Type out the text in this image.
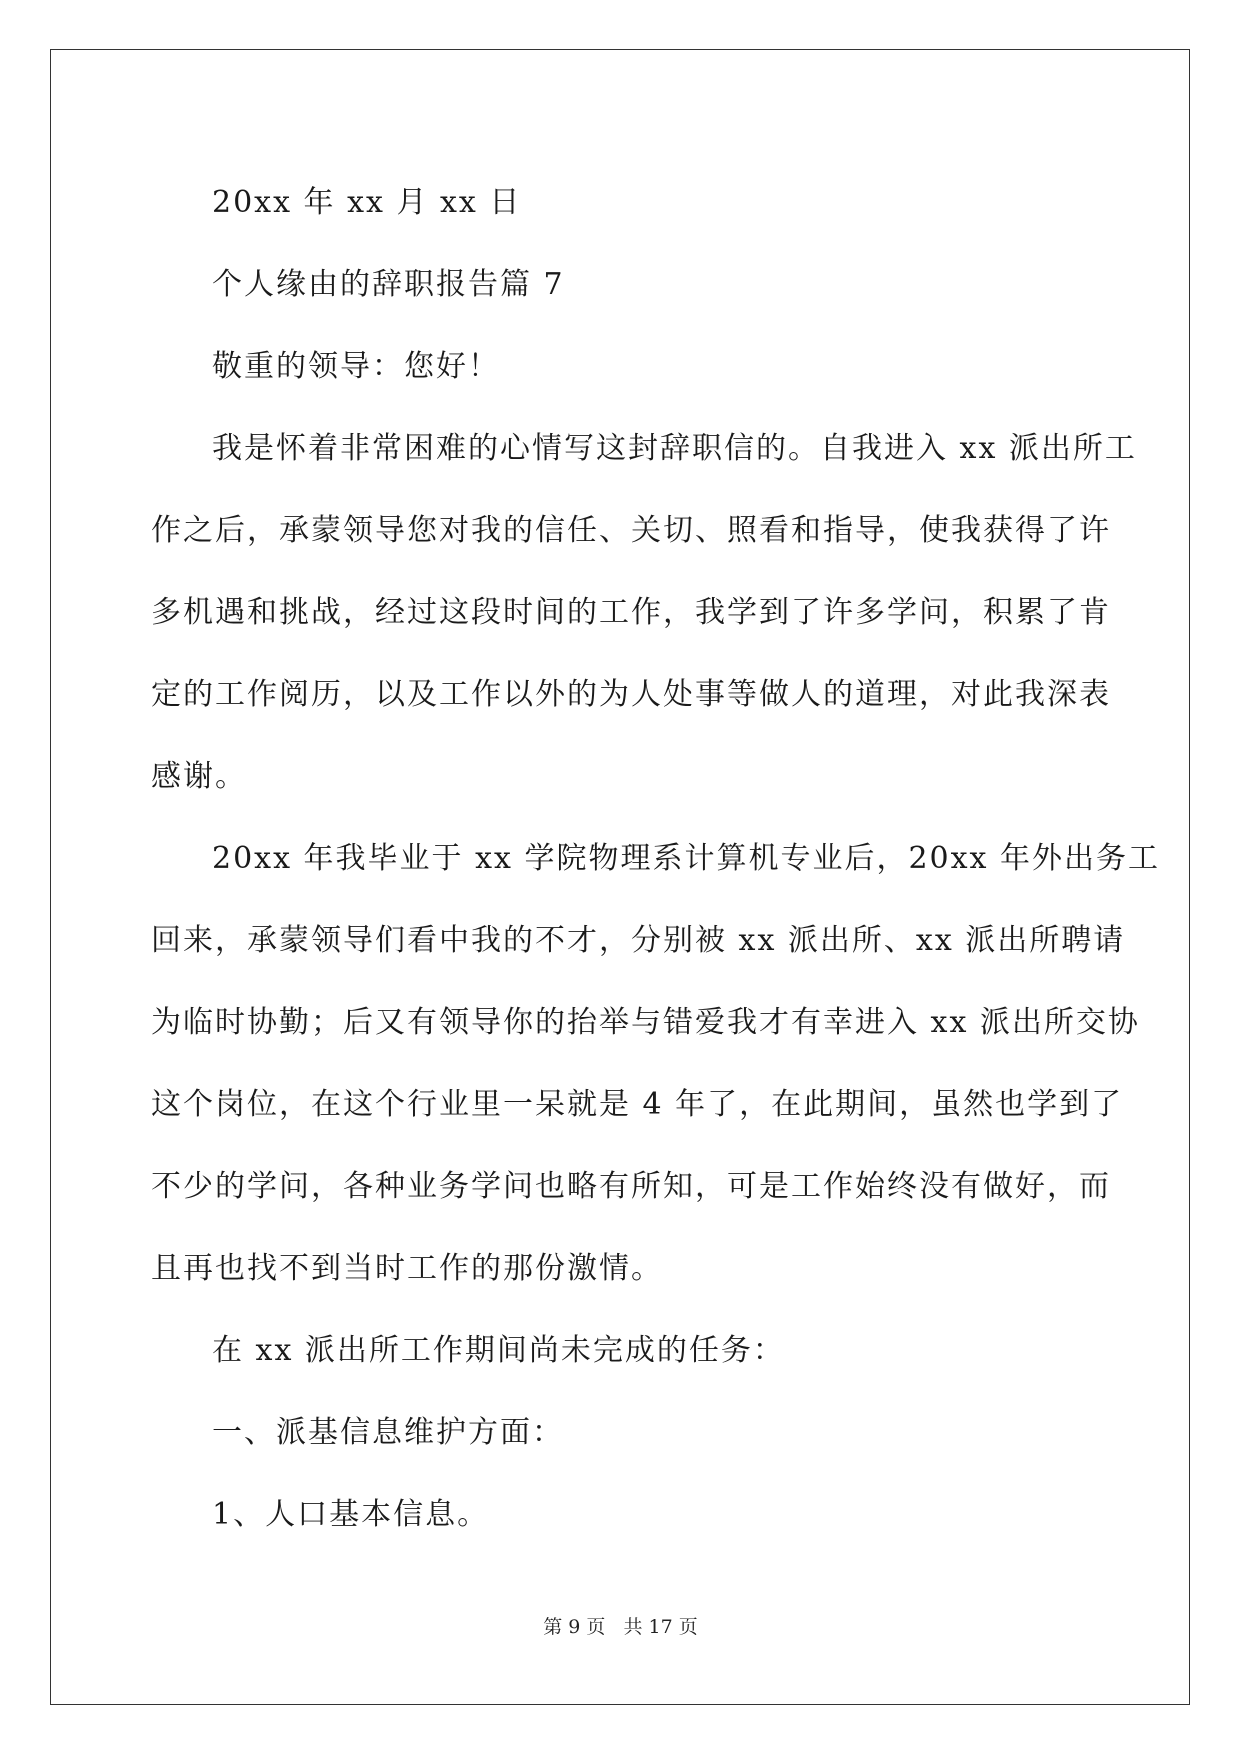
20xx 年 xx 月 xx 日
个人缘由的辞职报告篇 7
敬重的领导：您好！
我是怀着非常困难的心情写这封辞职信的。自我进入 xx 派出所工
作之后，承蒙领导您对我的信任、关切、照看和指导，使我获得了许
多机遇和挑战，经过这段时间的工作，我学到了许多学问，积累了肯
定的工作阅历，以及工作以外的为人处事等做人的道理，对此我深表
感谢。
20xx 年我毕业于 xx 学院物理系计算机专业后，20xx 年外出务工
回来，承蒙领导们看中我的不才，分别被 xx 派出所、xx 派出所聘请
为临时协勤；后又有领导你的抬举与错爱我才有幸进入 xx 派出所交协
这个岗位，在这个行业里一呆就是 4 年了，在此期间，虽然也学到了
不少的学问，各种业务学问也略有所知，可是工作始终没有做好，而
且再也找不到当时工作的那份激情。
在 xx 派出所工作期间尚未完成的任务：
一、派基信息维护方面：
1、人口基本信息。
第 9 页 共 17 页
